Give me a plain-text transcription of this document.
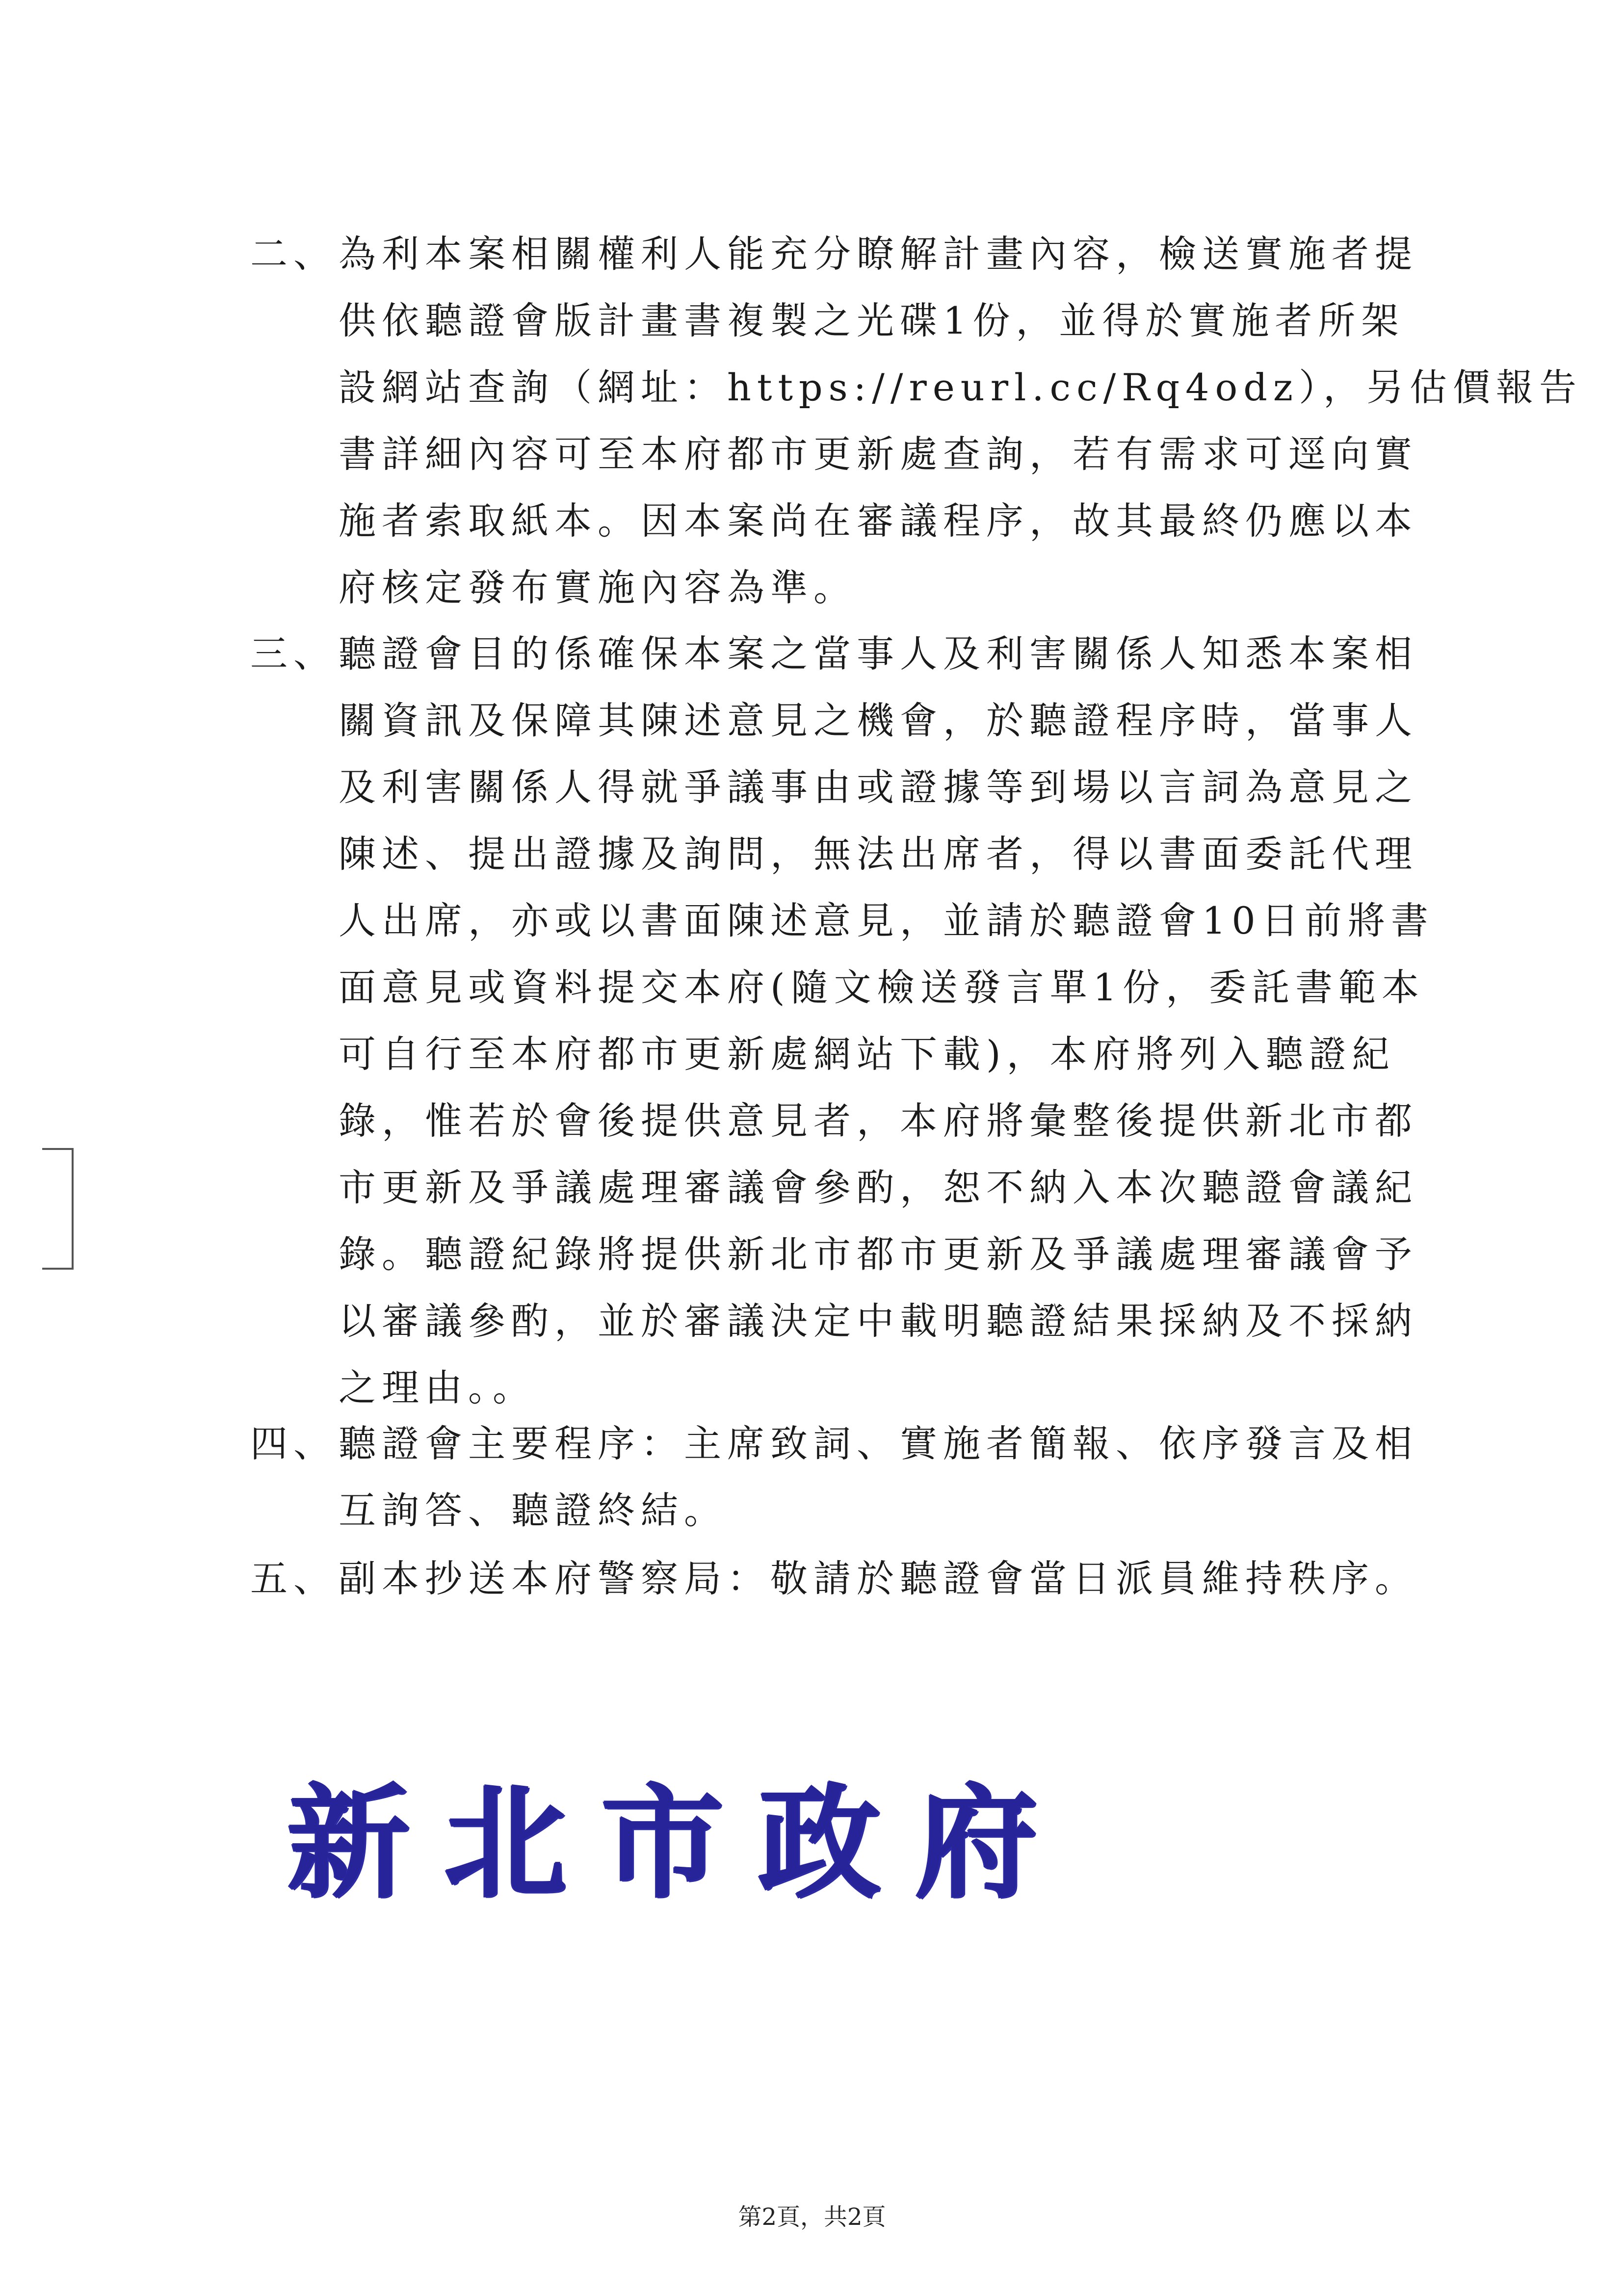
二、 為利本案相關權利人能充分瞭解計畫內容，檢送實施者提
供依聽證會版計畫書複製之光碟1份，並得於實施者所架
設網站查詢（網址：https://reurl.cc/Rq4odz），另估價報告
書詳細內容可至本府都市更新處查詢，若有需求可逕向實
施者索取紙本。因本案尚在審議程序，故其最終仍應以本
府核定發布實施內容為準。
三、 聽證會目的係確保本案之當事人及利害關係人知悉本案相
關資訊及保障其陳述意見之機會，於聽證程序時，當事人
及利害關係人得就爭議事由或證據等到場以言詞為意見之
陳述、提出證據及詢問，無法出席者，得以書面委託代理
人出席，亦或以書面陳述意見，並請於聽證會10日前將書
面意見或資料提交本府(隨文檢送發言單1份，委託書範本
可自行至本府都市更新處網站下載)，本府將列入聽證紀
錄，惟若於會後提供意見者，本府將彙整後提供新北市都
市更新及爭議處理審議會參酌，恕不納入本次聽證會議紀
錄。聽證紀錄將提供新北市都市更新及爭議處理審議會予
以審議參酌，並於審議決定中載明聽證結果採納及不採納
之理由。。
四、 聽證會主要程序：主席致詞、實施者簡報、依序發言及相
互詢答、聽證終結。
五、 副本抄送本府警察局：敬請於聽證會當日派員維持秩序。
新北市政府
第2頁，共2頁
